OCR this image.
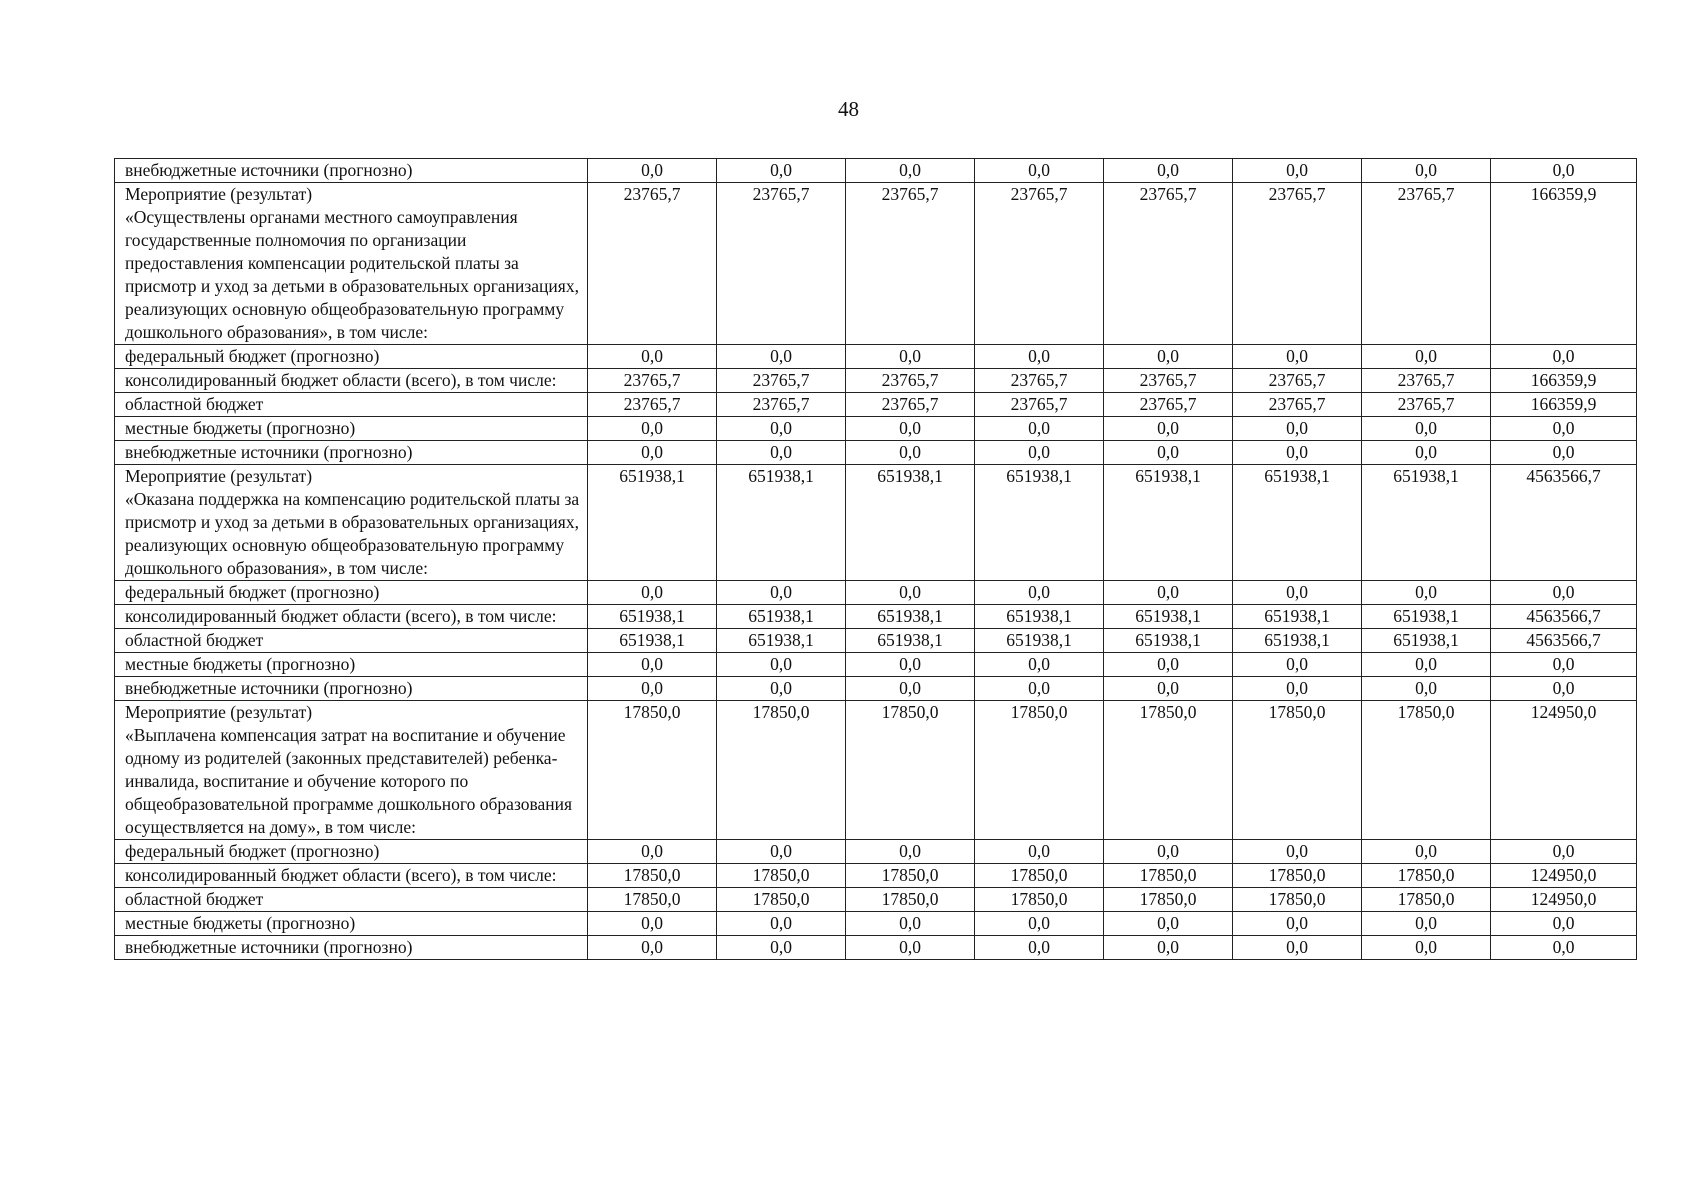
48
внебюджетные источники (прогнозно)	0,0	0,0	0,0	0,0	0,0	0,0	0,0	0,0
Мероприятие (результат)
«Осуществлены органами местного самоуправления государственные полномочия по организации предоставления компенсации родительской платы за присмотр и уход за детьми в образовательных организациях, реализующих основную общеобразовательную программу дошкольного образования», в том числе:	23765,7	23765,7	23765,7	23765,7	23765,7	23765,7	23765,7	166359,9
федеральный бюджет (прогнозно)	0,0	0,0	0,0	0,0	0,0	0,0	0,0	0,0
консолидированный бюджет области (всего), в том числе:	23765,7	23765,7	23765,7	23765,7	23765,7	23765,7	23765,7	166359,9
областной бюджет	23765,7	23765,7	23765,7	23765,7	23765,7	23765,7	23765,7	166359,9
местные бюджеты (прогнозно)	0,0	0,0	0,0	0,0	0,0	0,0	0,0	0,0
внебюджетные источники (прогнозно)	0,0	0,0	0,0	0,0	0,0	0,0	0,0	0,0
Мероприятие (результат)
«Оказана поддержка на компенсацию родительской платы за присмотр и уход за детьми в образовательных организациях, реализующих основную общеобразовательную программу дошкольного образования», в том числе:	651938,1	651938,1	651938,1	651938,1	651938,1	651938,1	651938,1	4563566,7
федеральный бюджет (прогнозно)	0,0	0,0	0,0	0,0	0,0	0,0	0,0	0,0
консолидированный бюджет области (всего), в том числе:	651938,1	651938,1	651938,1	651938,1	651938,1	651938,1	651938,1	4563566,7
областной бюджет	651938,1	651938,1	651938,1	651938,1	651938,1	651938,1	651938,1	4563566,7
местные бюджеты (прогнозно)	0,0	0,0	0,0	0,0	0,0	0,0	0,0	0,0
внебюджетные источники (прогнозно)	0,0	0,0	0,0	0,0	0,0	0,0	0,0	0,0
Мероприятие (результат)
«Выплачена компенсация затрат на воспитание и обучение одному из родителей (законных представителей) ребенка-инвалида, воспитание и обучение которого по общеобразовательной программе дошкольного образования осуществляется на дому», в том числе:	17850,0	17850,0	17850,0	17850,0	17850,0	17850,0	17850,0	124950,0
федеральный бюджет (прогнозно)	0,0	0,0	0,0	0,0	0,0	0,0	0,0	0,0
консолидированный бюджет области (всего), в том числе:	17850,0	17850,0	17850,0	17850,0	17850,0	17850,0	17850,0	124950,0
областной бюджет	17850,0	17850,0	17850,0	17850,0	17850,0	17850,0	17850,0	124950,0
местные бюджеты (прогнозно)	0,0	0,0	0,0	0,0	0,0	0,0	0,0	0,0
внебюджетные источники (прогнозно)	0,0	0,0	0,0	0,0	0,0	0,0	0,0	0,0
